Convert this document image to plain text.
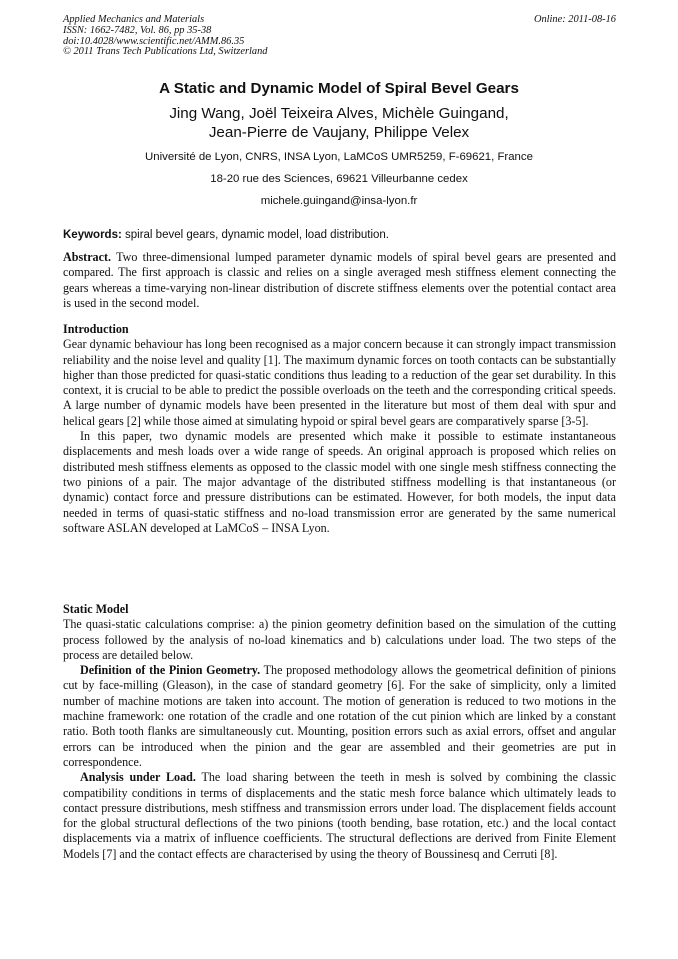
Applied Mechanics and Materials
ISSN: 1662-7482, Vol. 86, pp 35-38
doi:10.4028/www.scientific.net/AMM.86.35
© 2011 Trans Tech Publications Ltd, Switzerland
Online: 2011-08-16
A Static and Dynamic Model of Spiral Bevel Gears
Jing Wang, Joël Teixeira Alves, Michèle Guingand,
Jean-Pierre de Vaujany, Philippe Velex
Université de Lyon, CNRS, INSA Lyon, LaMCoS UMR5259, F-69621, France
18-20 rue des Sciences, 69621 Villeurbanne cedex
michele.guingand@insa-lyon.fr
Keywords: spiral bevel gears, dynamic model, load distribution.

Abstract. Two three-dimensional lumped parameter dynamic models of spiral bevel gears are presented and compared. The first approach is classic and relies on a single averaged mesh stiffness element connecting the gears whereas a time-varying non-linear distribution of discrete stiffness elements over the potential contact area is used in the second model.

Introduction

Gear dynamic behaviour has long been recognised as a major concern because it can strongly impact transmission reliability and the noise level and quality [1]. The maximum dynamic forces on tooth contacts can be substantially higher than those predicted for quasi-static conditions thus leading to a reduction of the gear set durability. In this context, it is crucial to be able to predict the possible overloads on the teeth and the corresponding critical speeds. A large number of dynamic models have been presented in the literature but most of them deal with spur and helical gears [2] while those aimed at simulating hypoid or spiral bevel gears are comparatively sparse [3-5].

In this paper, two dynamic models are presented which make it possible to estimate instantaneous displacements and mesh loads over a wide range of speeds. An original approach is proposed which relies on distributed mesh stiffness elements as opposed to the classic model with one single mesh stiffness connecting the two pinions of a pair. The major advantage of the distributed stiffness modelling is that instantaneous (or dynamic) contact force and pressure distributions can be estimated. However, for both models, the input data needed in terms of quasi-static stiffness and no-load transmission error are generated by the same numerical software ASLAN developed at LaMCoS – INSA Lyon.

Static Model

The quasi-static calculations comprise: a) the pinion geometry definition based on the simulation of the cutting process followed by the analysis of no-load kinematics and b) calculations under load. The two steps of the process are detailed below.

Definition of the Pinion Geometry. The proposed methodology allows the geometrical definition of pinions cut by face-milling (Gleason), in the case of standard geometry [6]. For the sake of simplicity, only a limited number of machine motions are taken into account. The motion of generation is reduced to two motions in the machine framework: one rotation of the cradle and one rotation of the cut pinion which are linked by a constant ratio. Both tooth flanks are simultaneously cut. Mounting, position errors such as axial errors, offset and angular errors can be introduced when the pinion and the gear are assembled and their geometries are put in correspondence.

Analysis under Load. The load sharing between the teeth in mesh is solved by combining the classic compatibility conditions in terms of displacements and the static mesh force balance which ultimately leads to contact pressure distributions, mesh stiffness and transmission errors under load. The displacement fields account for the global structural deflections of the two pinions (tooth bending, base rotation, etc.) and the local contact displacements via a matrix of influence coefficients. The structural deflections are derived from Finite Element Models [7] and the contact effects are characterised by using the theory of Boussinesq and Cerruti [8].
